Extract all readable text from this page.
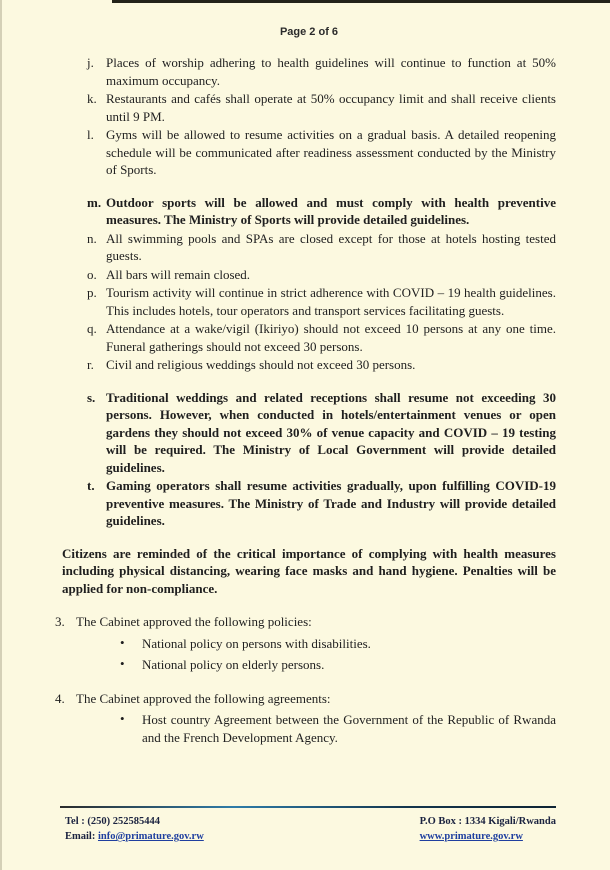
Page 2 of 6
j. Places of worship adhering to health guidelines will continue to function at 50% maximum occupancy.
k. Restaurants and cafés shall operate at 50% occupancy limit and shall receive clients until 9 PM.
l. Gyms will be allowed to resume activities on a gradual basis. A detailed reopening schedule will be communicated after readiness assessment conducted by the Ministry of Sports.
m. Outdoor sports will be allowed and must comply with health preventive measures. The Ministry of Sports will provide detailed guidelines.
n. All swimming pools and SPAs are closed except for those at hotels hosting tested guests.
o. All bars will remain closed.
p. Tourism activity will continue in strict adherence with COVID – 19 health guidelines. This includes hotels, tour operators and transport services facilitating guests.
q. Attendance at a wake/vigil (Ikiriyo) should not exceed 10 persons at any one time. Funeral gatherings should not exceed 30 persons.
r. Civil and religious weddings should not exceed 30 persons.
s. Traditional weddings and related receptions shall resume not exceeding 30 persons. However, when conducted in hotels/entertainment venues or open gardens they should not exceed 30% of venue capacity and COVID – 19 testing will be required. The Ministry of Local Government will provide detailed guidelines.
t. Gaming operators shall resume activities gradually, upon fulfilling COVID-19 preventive measures. The Ministry of Trade and Industry will provide detailed guidelines.
Citizens are reminded of the critical importance of complying with health measures including physical distancing, wearing face masks and hand hygiene. Penalties will be applied for non-compliance.
3. The Cabinet approved the following policies:
•
National policy on persons with disabilities.
•
National policy on elderly persons.
4. The Cabinet approved the following agreements:
•
Host country Agreement between the Government of the Republic of Rwanda and the French Development Agency.
Tel : (250) 252585444
Email: info@primature.gov.rw
P.O Box : 1334 Kigali/Rwanda
www.primature.gov.rw
